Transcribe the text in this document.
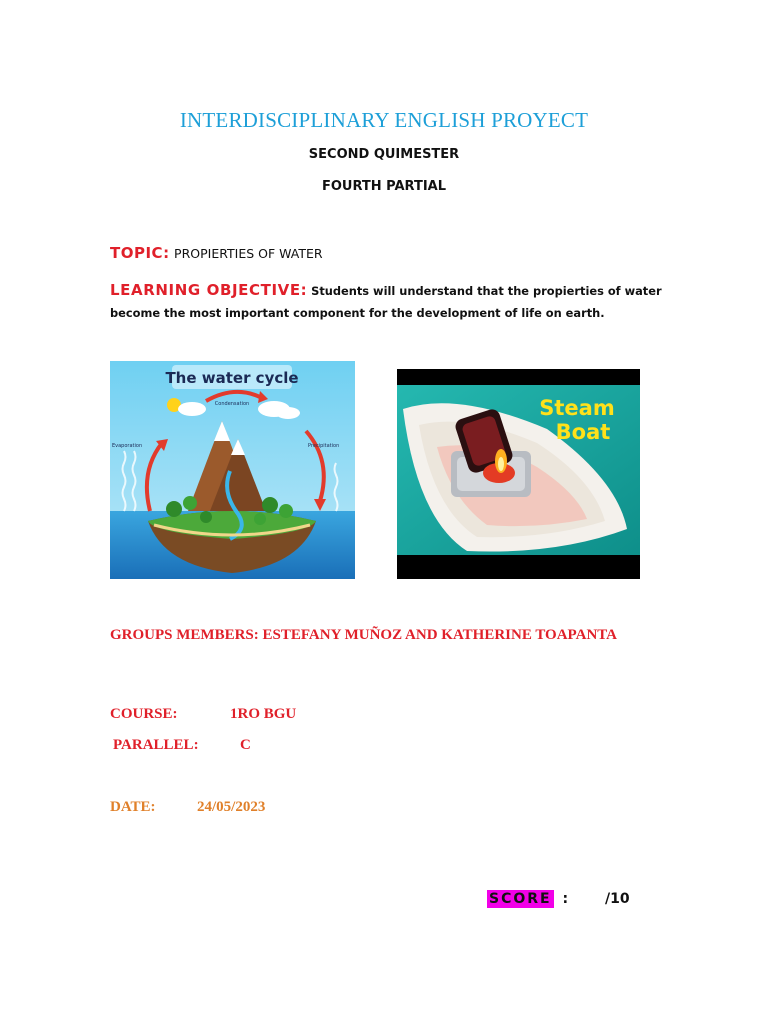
INTERDISCIPLINARY ENGLISH PROYECT
SECOND QUIMESTER
FOURTH PARTIAL
TOPIC: PROPIERTIES OF WATER
LEARNING OBJECTIVE: Students will understand that the propierties of water become the most important component for the development of life on earth.
The water cycle
Condensation
Evaporation	Precipitation
Steam
Boat
GROUPS MEMBERS: ESTEFANY MUÑOZ AND KATHERINE TOAPANTA
COURSE:	1RO BGU
PARALLEL:	C
DATE:	24/05/2023
SCORE :	/10
